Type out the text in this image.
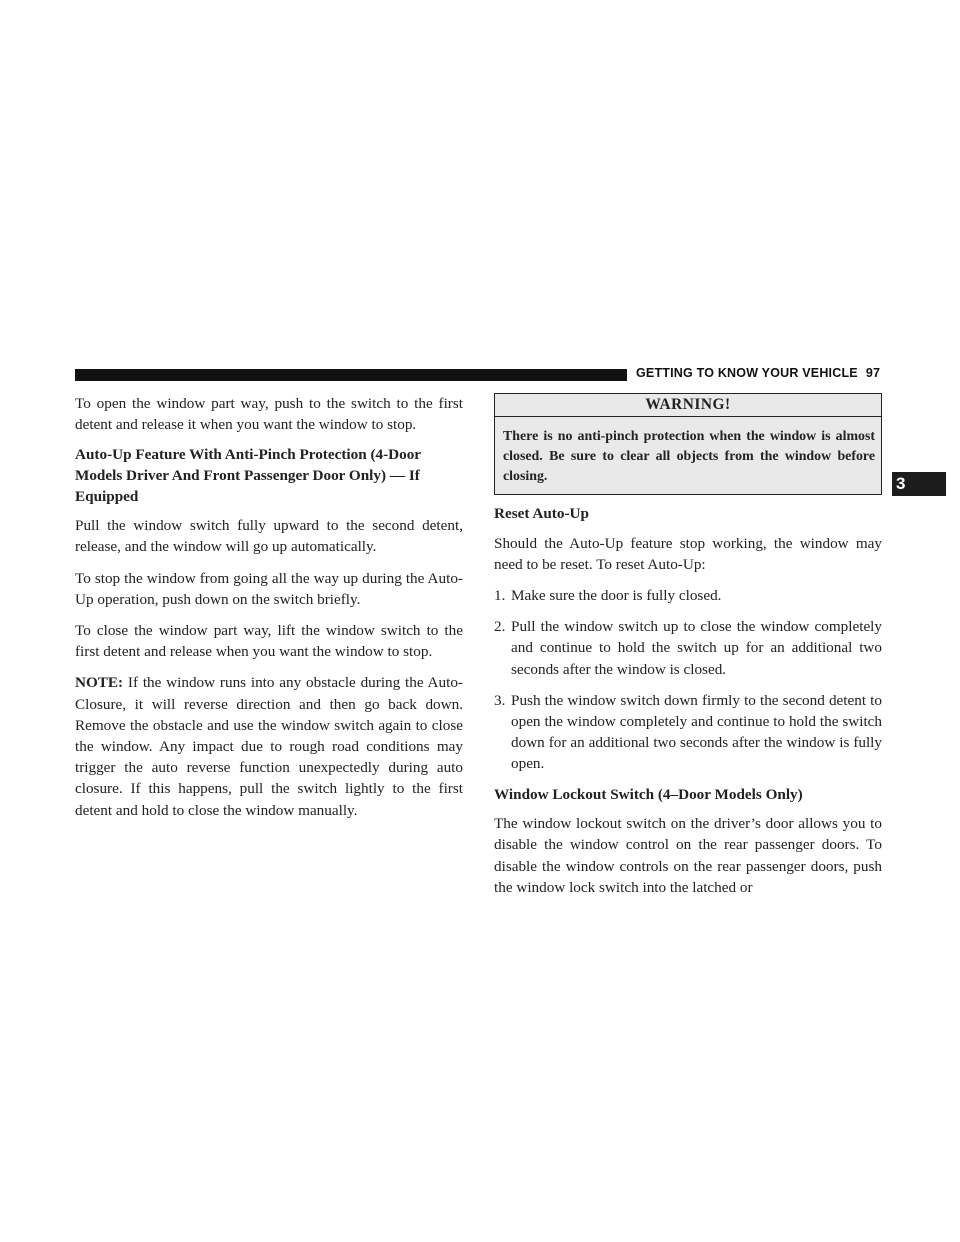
GETTING TO KNOW YOUR VEHICLE 97
3

To open the window part way, push to the switch to the first detent and release it when you want the window to stop.

Auto-Up Feature With Anti-Pinch Protection (4-Door Models Driver And Front Passenger Door Only) — If Equipped

Pull the window switch fully upward to the second detent, release, and the window will go up automatically.

To stop the window from going all the way up during the Auto-Up operation, push down on the switch briefly.

To close the window part way, lift the window switch to the first detent and release when you want the window to stop.

NOTE: If the window runs into any obstacle during the Auto-Closure, it will reverse direction and then go back down. Remove the obstacle and use the window switch again to close the window. Any impact due to rough road conditions may trigger the auto reverse function unexpectedly during auto closure. If this happens, pull the switch lightly to the first detent and hold to close the window manually.

WARNING!
There is no anti-pinch protection when the window is almost closed. Be sure to clear all objects from the window before closing.
Reset Auto-Up

Should the Auto-Up feature stop working, the window may need to be reset. To reset Auto-Up:

1. Make sure the door is fully closed.
2. Pull the window switch up to close the window completely and continue to hold the switch up for an additional two seconds after the window is closed.
3. Push the window switch down firmly to the second detent to open the window completely and continue to hold the switch down for an additional two seconds after the window is fully open.
Window Lockout Switch (4–Door Models Only)

The window lockout switch on the driver’s door allows you to disable the window control on the rear passenger doors. To disable the window controls on the rear passenger doors, push the window lock switch into the latched or
